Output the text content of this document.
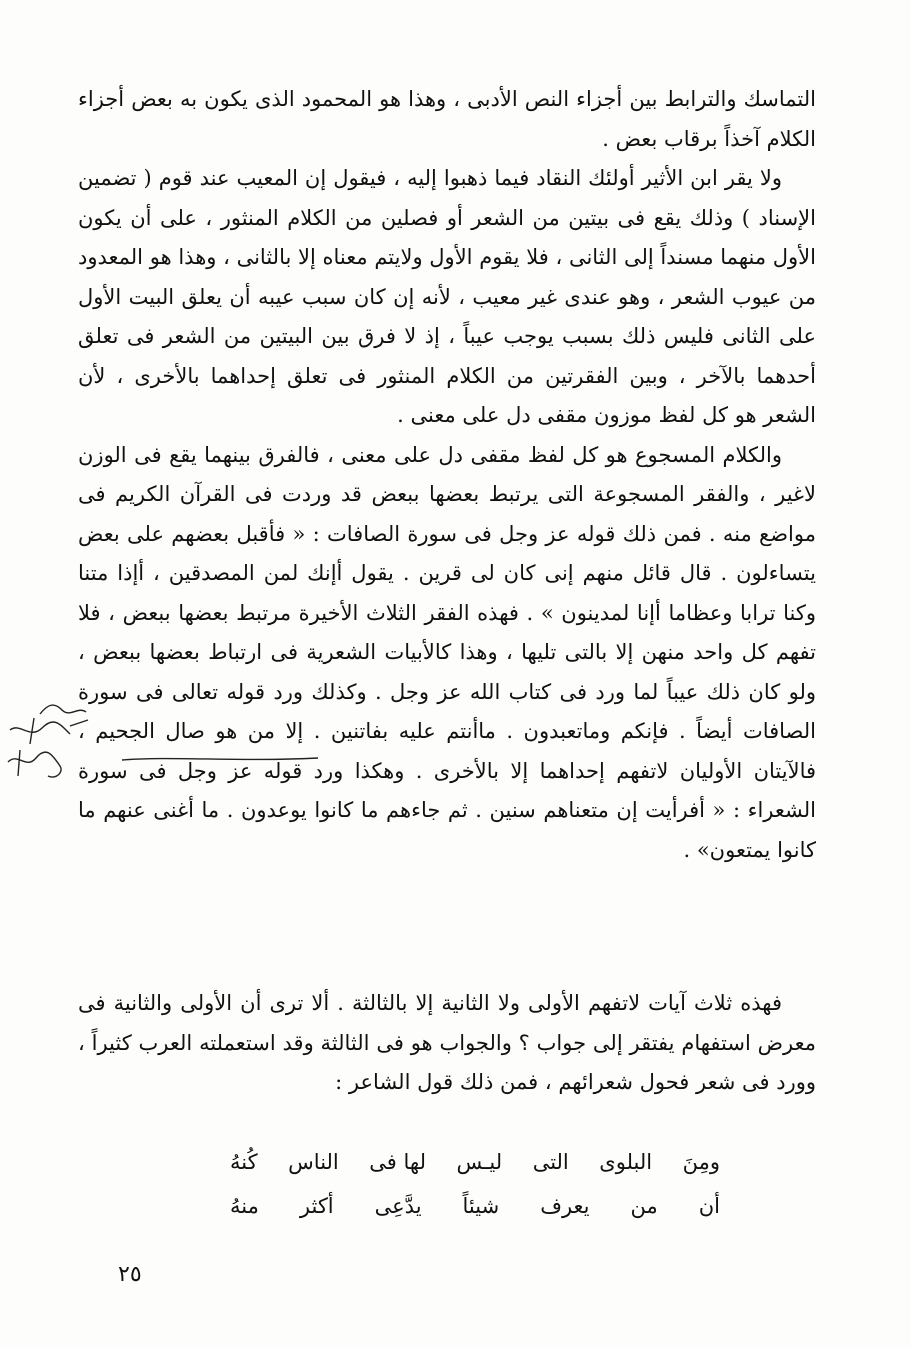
التماسك والترابط بين أجزاء النص الأدبى ، وهذا هو المحمود الذى يكون به بعض أجزاء الكلام آخذاً برقاب بعض .

ولا يقر ابن الأثير أولئك النقاد فيما ذهبوا إليه ، فيقول إن المعيب عند قوم ( تضمين الإسناد ) وذلك يقع فى بيتين من الشعر أو فصلين من الكلام المنثور ، على أن يكون الأول منهما مسنداً إلى الثانى ، فلا يقوم الأول ولايتم معناه إلا بالثانى ، وهذا هو المعدود من عيوب الشعر ، وهو عندى غير معيب ، لأنه إن كان سبب عيبه أن يعلق البيت الأول على الثانى فليس ذلك بسبب يوجب عيباً ، إذ لا فرق بين البيتين من الشعر فى تعلق أحدهما بالآخر ، وبين الفقرتين من الكلام المنثور فى تعلق إحداهما بالأخرى ، لأن الشعر هو كل لفظ موزون مقفى دل على معنى .

والكلام المسجوع هو كل لفظ مقفى دل على معنى ، فالفرق بينهما يقع فى الوزن لاغير ، والفقر المسجوعة التى يرتبط بعضها ببعض قد وردت فى القرآن الكريم فى مواضع منه . فمن ذلك قوله عز وجل فى سورة الصافات : « فأقبل بعضهم على بعض يتساءلون . قال قائل منهم إنى كان لى قرين . يقول أإنك لمن المصدقين ، أإذا متنا وكنا ترابا وعظاما أإنا لمدينون » . فهذه الفقر الثلاث الأخيرة مرتبط بعضها ببعض ، فلا تفهم كل واحد منهن إلا بالتى تليها ، وهذا كالأبيات الشعرية فى ارتباط بعضها ببعض ، ولو كان ذلك عيباً لما ورد فى كتاب الله عز وجل . وكذلك ورد قوله تعالى فى سورة الصافات أيضاً . فإنكم وماتعبدون . ماأنتم عليه بفاتنين . إلا من هو صال الجحيم ، فالآيتان الأوليان لاتفهم إحداهما إلا بالأخرى . وهكذا ورد قوله عز وجل فى سورة الشعراء : « أفرأيت إن متعناهم سنين . ثم جاءهم ما كانوا يوعدون . ما أغنى عنهم ما كانوا يمتعون» .

فهذه ثلاث آيات لاتفهم الأولى ولا الثانية إلا بالثالثة . ألا ترى أن الأولى والثانية فى معرض استفهام يفتقر إلى جواب ؟ والجواب هو فى الثالثة وقد استعملته العرب كثيراً ، وورد فى شعر فحول شعرائهم ، فمن ذلك قول الشاعر :

ومِنَ
البلوى
التى
ليـس
لها فى
الناس
كُنهُ
أن
من
يعرف
شيئاً
يدَّعِى
أكثر
منهُ
٢٥
